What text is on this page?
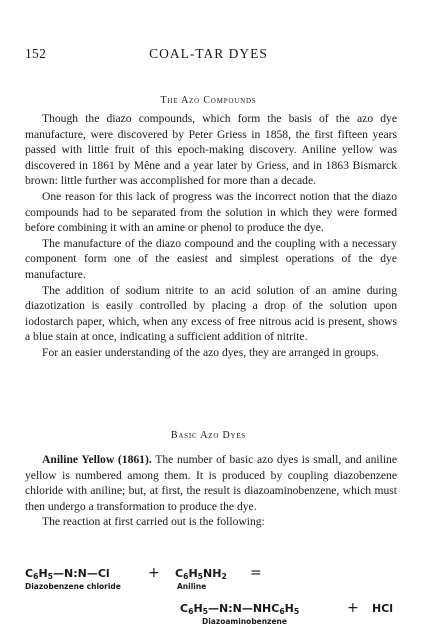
152	COAL-TAR DYES
The Azo Compounds

Though the diazo compounds, which form the basis of the azo dye manufacture, were discovered by Peter Griess in 1858, the first fifteen years passed with little fruit of this epoch-making discovery. Aniline yellow was discovered in 1861 by Mêne and a year later by Griess, and in 1863 Bismarck brown: little further was accomplished for more than a decade.

One reason for this lack of progress was the incorrect notion that the diazo compounds had to be separated from the solution in which they were formed before combining it with an amine or phenol to produce the dye.

The manufacture of the diazo compound and the coupling with a necessary component form one of the easiest and simplest operations of the dye manufacture.

The addition of sodium nitrite to an acid solution of an amine during diazotization is easily controlled by placing a drop of the solution upon iodostarch paper, which, when any excess of free nitrous acid is present, shows a blue stain at once, indicating a sufficient addition of nitrite.

For an easier understanding of the azo dyes, they are arranged in groups.

Basic Azo Dyes

Aniline Yellow (1861). The number of basic azo dyes is small, and aniline yellow is numbered among them. It is produced by coupling diazobenzene chloride with aniline; but, at first, the result is diazoaminobenzene, which must then undergo a transformation to produce the dye.

The reaction at first carried out is the following:

$C_6H_5—N:N—Cl$	+ $C_6H_5NH_2$ =
Diazobenzene chloride	Aniline
$C_6H_5—N:N—NHC_6H_5$	+ HCl
Diazoaminobenzene
